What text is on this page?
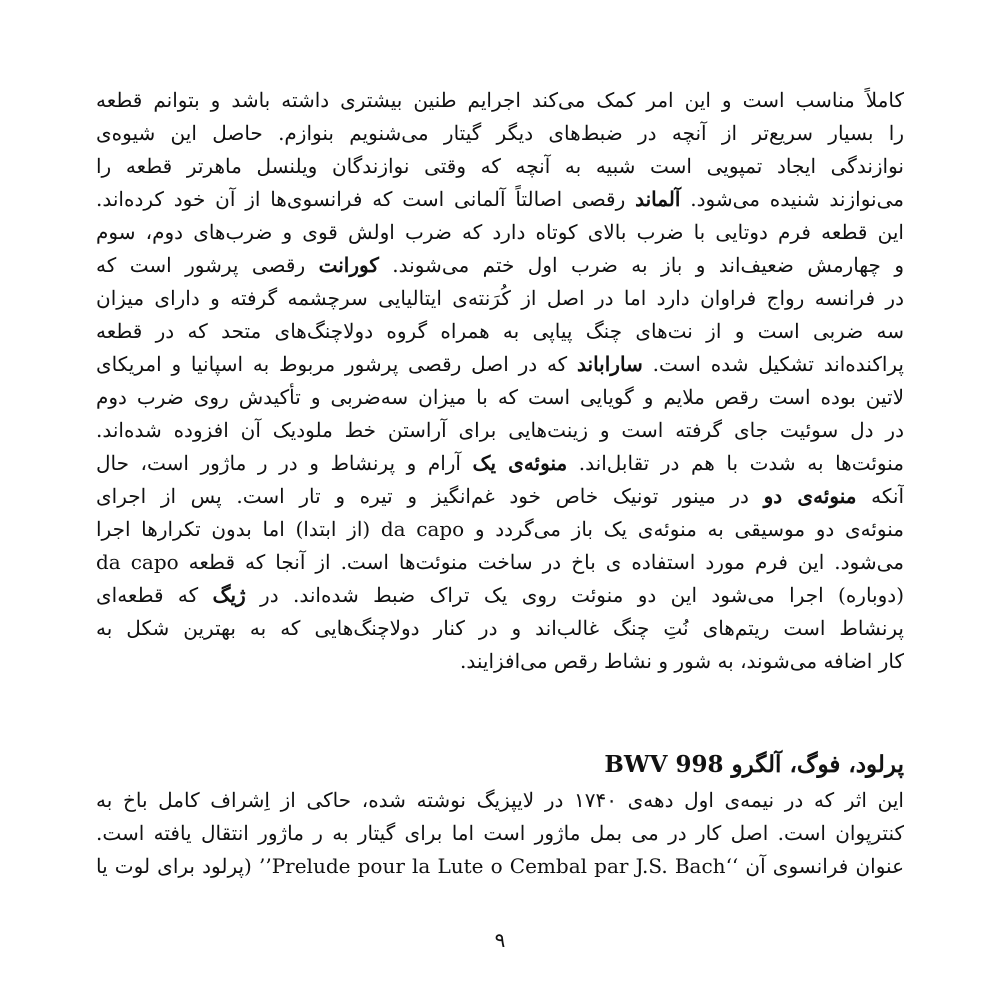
کاملاً مناسب است و این امر کمک می‌کند اجرایم طنین بیشتری داشته باشد و بتوانم قطعه
را بسیار سریع‌تر از آنچه در ضبط‌های دیگر گیتار می‌شنویم بنوازم. حاصل این شیوه‌ی
نوازندگی ایجاد تمپویی است شبیه به آنچه که وقتی نوازندگان ویلنسل ماهرتر قطعه را
می‌نوازند شنیده می‌شود. آلماند رقصی اصالتاً آلمانی است که فرانسوی‌ها از آن خود کرده‌اند.
این قطعه فرم دوتایی با ضرب بالای کوتاه دارد که ضرب اولش قوی و ضرب‌های دوم، سوم
و چهارمش ضعیف‌اند و باز به ضرب اول ختم می‌شوند. کورانت رقصی پرشور است که
در فرانسه رواج فراوان دارد اما در اصل از کُرَنته‌ی ایتالیایی سرچشمه گرفته و دارای میزان
سه ضربی است و از نت‌های چنگ پیاپی به همراه گروه دولاچنگ‌های متحد که در قطعه
پراکنده‌اند تشکیل شده است. ساراباند که در اصل رقصی پرشور مربوط به اسپانیا و امریکای
لاتین بوده است رقص ملایم و گویایی است که با میزان سه‌ضربی و تأکیدش روی ضرب دوم
در دل سوئیت جای گرفته است و زینت‌هایی برای آراستن خط ملودیک آن افزوده شده‌اند.
منوئت‌ها به شدت با هم در تقابل‌اند. منوئه‌ی یک آرام و پرنشاط و در ر ماژور است، حال
آنکه منوئه‌ی دو در مینور تونیک خاص خود غم‌انگیز و تیره و تار است. پس از اجرای
منوئه‌ی دو موسیقی به منوئه‌ی یک باز می‌گردد و da capo (از ابتدا) اما بدون تکرارها اجرا
می‌شود. این فرم مورد استفاده ی باخ در ساخت منوئت‌ها است. از آنجا که قطعه da capo
(دوباره) اجرا می‌شود این دو منوئت روی یک تراک ضبط شده‌اند. در ژیگ که قطعه‌ای
پرنشاط است ریتم‌های نُتِ چنگ غالب‌اند و در کنار دولاچنگ‌هایی که به بهترین شکل به
کار اضافه می‌شوند، به شور و نشاط رقص می‌افزایند.
پرلود، فوگ، آلگرو BWV 998
این اثر که در نیمه‌ی اول دهه‌ی ۱۷۴۰ در لایپزیگ نوشته شده، حاکی از اِشراف کامل باخ به
کنترپوان است. اصل کار در می بمل ماژور است اما برای گیتار به ر ماژور انتقال یافته است.
عنوان فرانسوی آن ‘‘Prelude pour la Lute o Cembal par J.S. Bach’’ (پرلود برای لوت یا
۹
